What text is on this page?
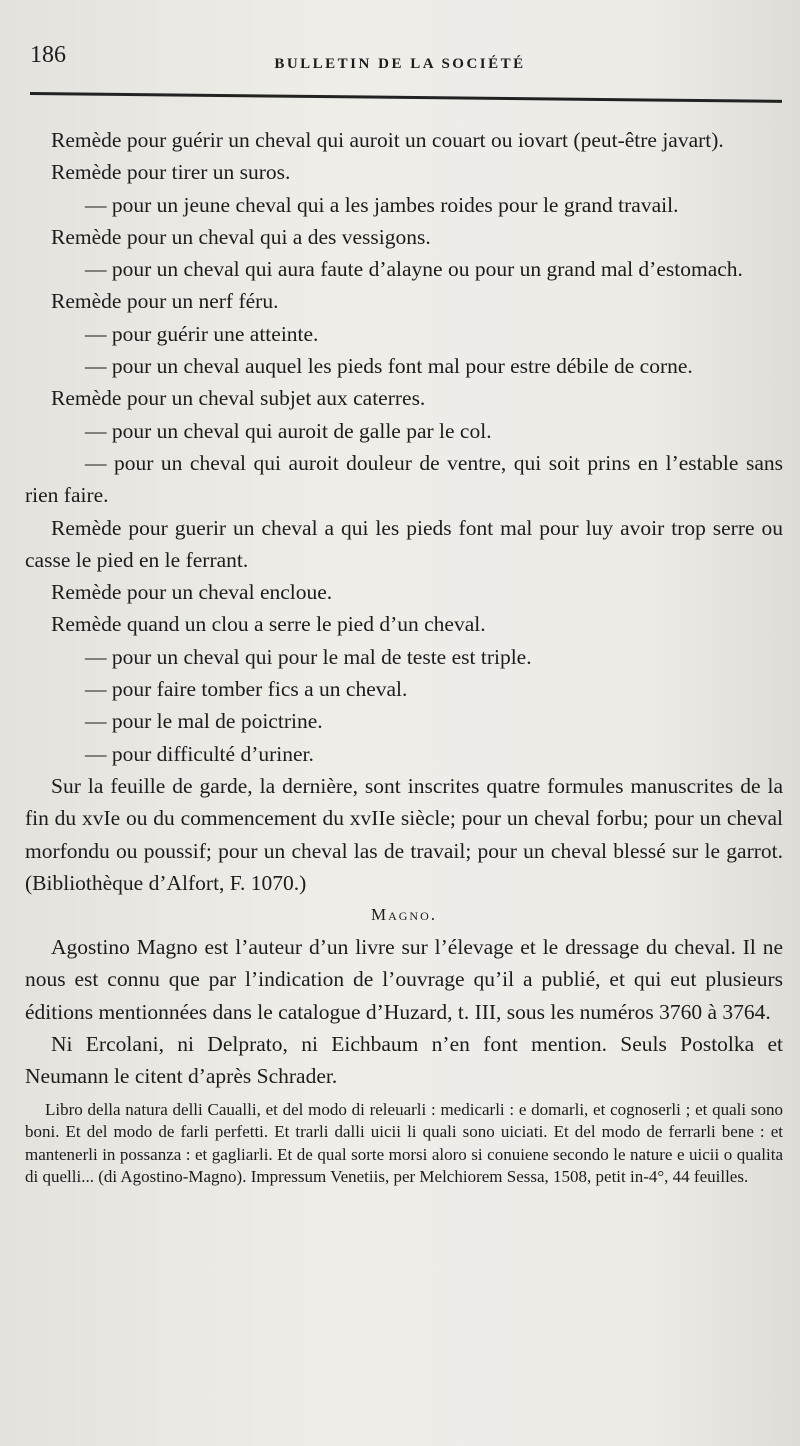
186	BULLETIN DE LA SOCIÉTÉ

Remède pour guérir un cheval qui auroit un couart ou iovart (peut-être javart).

Remède pour tirer un suros.

— pour un jeune cheval qui a les jambes roides pour le grand travail.

Remède pour un cheval qui a des vessigons.

— pour un cheval qui aura faute d’alayne ou pour un grand mal d’estomach.

Remède pour un nerf féru.

— pour guérir une atteinte.

— pour un cheval auquel les pieds font mal pour estre débile de corne.

Remède pour un cheval subjet aux caterres.

— pour un cheval qui auroit de galle par le col.

— pour un cheval qui auroit douleur de ventre, qui soit prins en l’estable sans rien faire.

Remède pour guerir un cheval a qui les pieds font mal pour luy avoir trop serre ou casse le pied en le ferrant.

Remède pour un cheval encloue.

Remède quand un clou a serre le pied d’un cheval.

— pour un cheval qui pour le mal de teste est triple.

— pour faire tomber fics a un cheval.

— pour le mal de poictrine.

— pour difficulté d’uriner.

Sur la feuille de garde, la dernière, sont inscrites quatre formules manuscrites de la fin du xvIe ou du commencement du xvIIe siècle; pour un cheval forbu; pour un cheval morfondu ou poussif; pour un cheval las de travail; pour un cheval blessé sur le garrot. (Bibliothèque d’Alfort, F. 1070.)

Magno.

Agostino Magno est l’auteur d’un livre sur l’élevage et le dressage du cheval. Il ne nous est connu que par l’indication de l’ouvrage qu’il a publié, et qui eut plusieurs éditions mentionnées dans le catalogue d’Huzard, t. III, sous les numéros 3760 à 3764.

Ni Ercolani, ni Delprato, ni Eichbaum n’en font mention. Seuls Postolka et Neumann le citent d’après Schrader.

Libro della natura delli Caualli, et del modo di releuarli : medicarli : e domarli, et cognoserli ; et quali sono boni. Et del modo de farli perfetti. Et trarli dalli uicii li quali sono uiciati. Et del modo de ferrarli bene : et mantenerli in possanza : et gagliarli. Et de qual sorte morsi aloro si conuiene secondo le nature e uicii o qualita di quelli... (di Agostino-Magno). Impressum Venetiis, per Melchiorem Sessa, 1508, petit in-4°, 44 feuilles.
